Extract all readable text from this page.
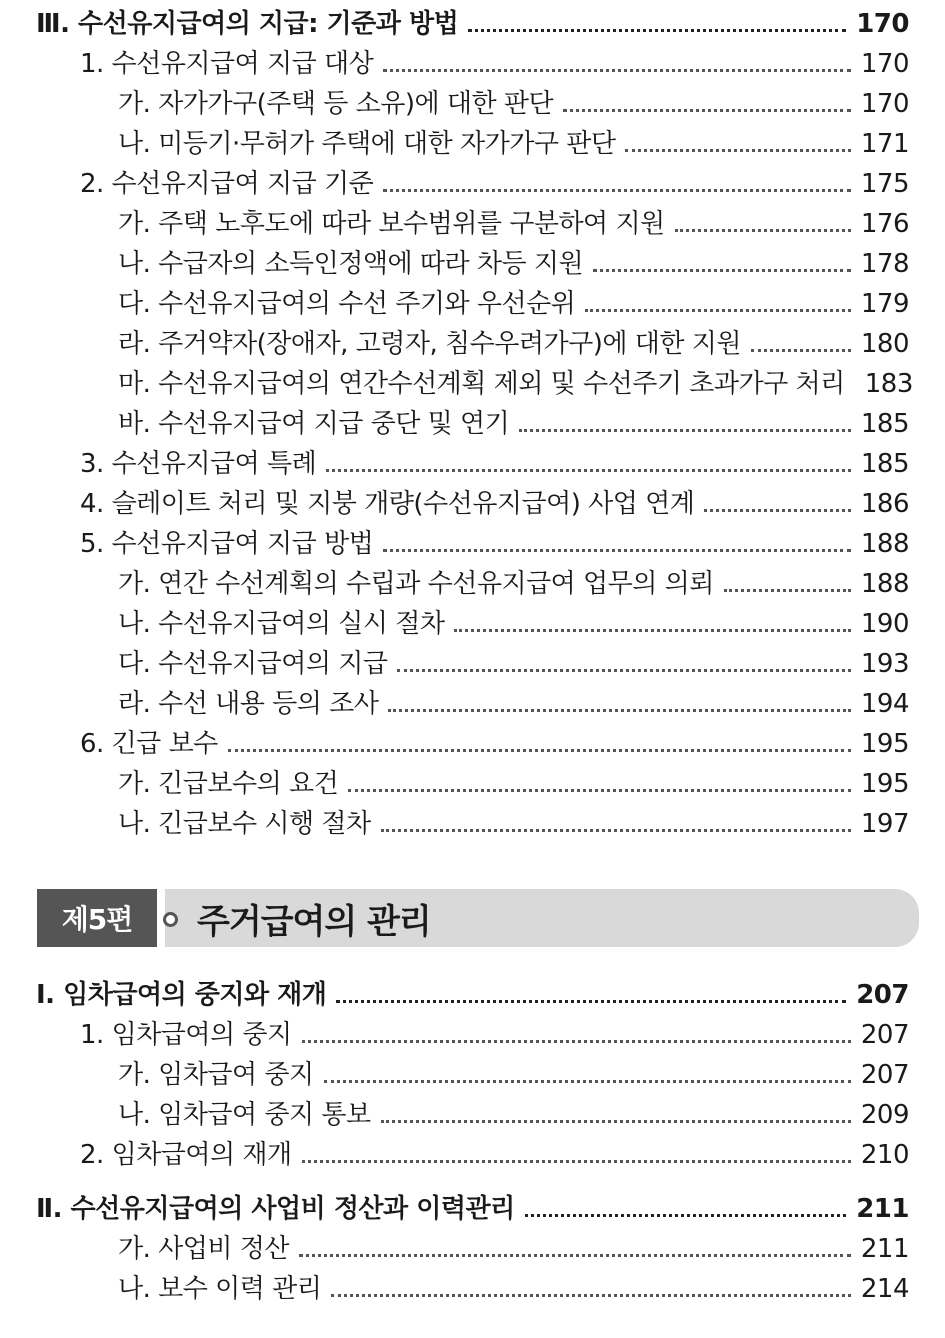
Ⅲ. 수선유지급여의 지급: 기준과 방법	170
1. 수선유지급여 지급 대상	170
가. 자가가구(주택 등 소유)에 대한 판단	170
나. 미등기·무허가 주택에 대한 자가가구 판단	171
2. 수선유지급여 지급 기준	175
가. 주택 노후도에 따라 보수범위를 구분하여 지원	176
나. 수급자의 소득인정액에 따라 차등 지원	178
다. 수선유지급여의 수선 주기와 우선순위	179
라. 주거약자(장애자, 고령자, 침수우려가구)에 대한 지원	180
마. 수선유지급여의 연간수선계획 제외 및 수선주기 초과가구 처리 183
바. 수선유지급여 지급 중단 및 연기	185
3. 수선유지급여 특례	185
4. 슬레이트 처리 및 지붕 개량(수선유지급여) 사업 연계	186
5. 수선유지급여 지급 방법	188
가. 연간 수선계획의 수립과 수선유지급여 업무의 의뢰	188
나. 수선유지급여의 실시 절차	190
다. 수선유지급여의 지급	193
라. 수선 내용 등의 조사	194
6. 긴급 보수	195
가. 긴급보수의 요건	195
나. 긴급보수 시행 절차	197
제5편	주거급여의 관리
Ⅰ. 임차급여의 중지와 재개	207
1. 임차급여의 중지	207
가. 임차급여 중지	207
나. 임차급여 중지 통보	209
2. 임차급여의 재개	210
Ⅱ. 수선유지급여의 사업비 정산과 이력관리	211
가. 사업비 정산	211
나. 보수 이력 관리	214
